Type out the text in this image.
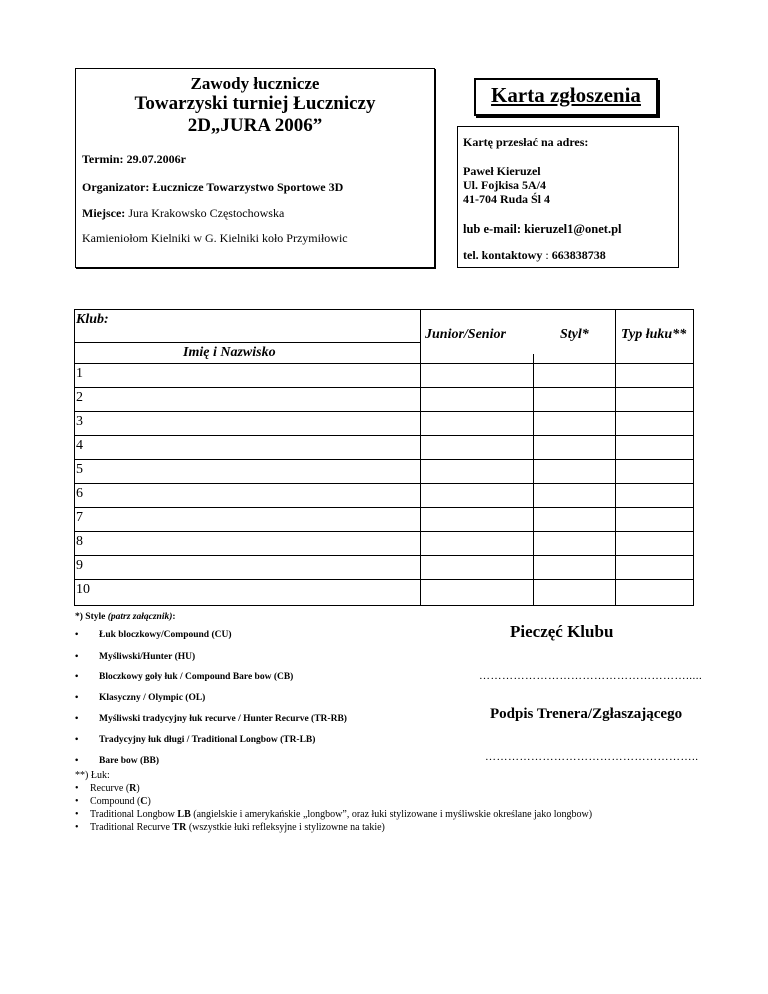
Zawody łucznicze
Towarzyski turniej Łuczniczy
2D„JURA 2006”
Termin: 29.07.2006r
Organizator: Łucznicze Towarzystwo Sportowe 3D
Miejsce: Jura Krakowsko Częstochowska
Kamieniołom Kielniki w G. Kielniki koło Przymiłowic
Karta zgłoszenia
Kartę przesłać na adres:
Paweł Kieruzel
Ul. Fojkisa 5A/4
41-704 Ruda Śl 4
lub e-mail: kieruzel1@onet.pl
tel. kontaktowy : 663838738
Klub:
Imię i Nazwisko
Junior/Senior	Styl* Typ łuku**
1
2
3
4
5
6
7
8
9
10
*) Style (patrz załącznik):
• Łuk bloczkowy/Compound (CU)
• Myśliwski/Hunter (HU)
• Bloczkowy goły łuk / Compound Bare bow (CB)
• Klasyczny / Olympic (OL)
• Myśliwski tradycyjny łuk recurve / Hunter Recurve (TR-RB)
• Tradycyjny łuk długi / Traditional Longbow (TR-LB)
• Bare bow (BB)
Pieczęć Klubu
……………………………………………….....
Podpis Trenera/Zgłaszającego
………………………………………………..
**) Łuk:
• Recurve (R)
• Compound (C)
• Traditional Longbow LB (angielskie i amerykańskie „longbow”, oraz łuki stylizowane i myśliwskie określane jako longbow)
• Traditional Recurve TR (wszystkie łuki refleksyjne i stylizowne na takie)
